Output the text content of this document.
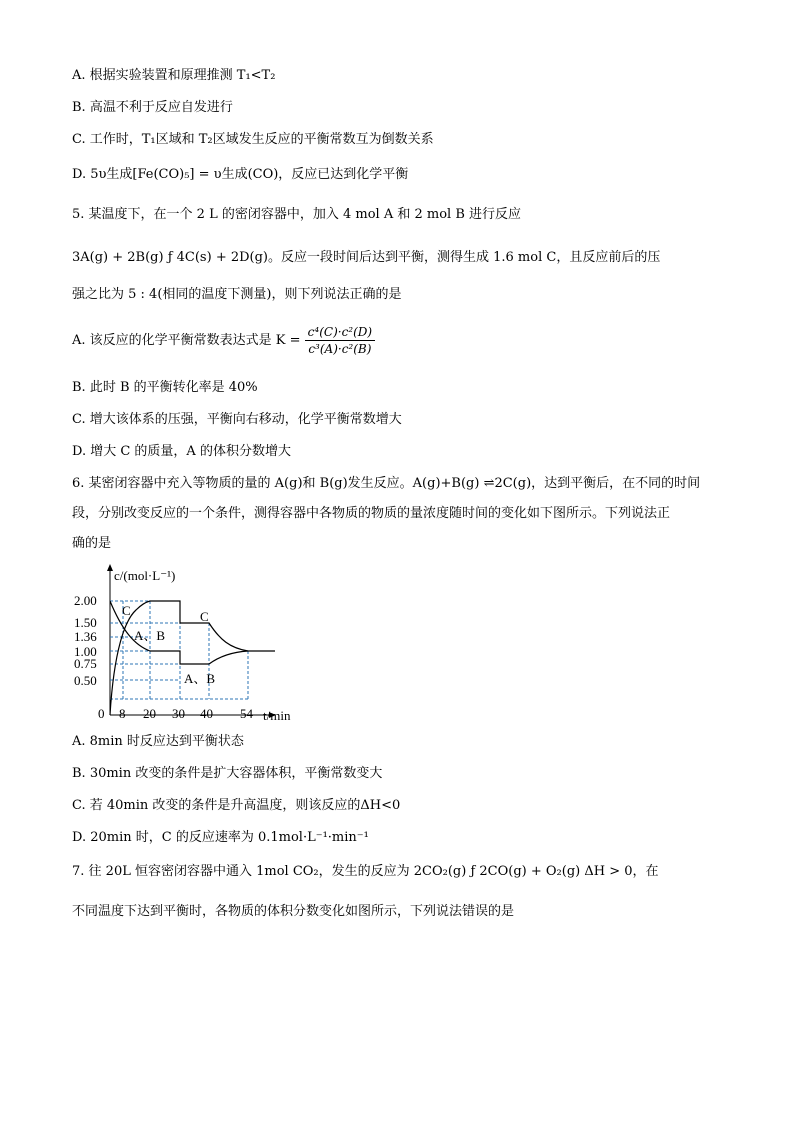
A. 根据实验装置和原理推测 T₁<T₂
B. 高温不利于反应自发进行
C. 工作时，T₁区域和 T₂区域发生反应的平衡常数互为倒数关系
D. 5υ生成[Fe(CO)₅] = υ生成(CO)，反应已达到化学平衡
5. 某温度下，在一个 2 L 的密闭容器中，加入 4 mol A 和 2 mol B 进行反应
3A(g) + 2B(g) ƒ 4C(s) + 2D(g)。反应一段时间后达到平衡，测得生成 1.6 mol C，且反应前后的压
强之比为 5 : 4(相同的温度下测量)，则下列说法正确的是
A. 该反应的化学平衡常数表达式是 $K = \frac{\text{c⁴(C)·c²(D)}}{\text{c³(A)·c²(B)}}$
B. 此时 B 的平衡转化率是 40%
C. 增大该体系的压强，平衡向右移动，化学平衡常数增大
D. 增大 C 的质量，A 的体积分数增大
6. 某密闭容器中充入等物质的量的 A(g)和 B(g)发生反应。A(g)+B(g) ⇌2C(g)，达到平衡后，在不同的时间
段，分别改变反应的一个条件，测得容器中各物质的物质的量浓度随时间的变化如下图所示。下列说法正
确的是
c/(mol·L⁻¹)
t/min
2.00
1.50
1.36
1.00
0.75
0.50
0 8 20 30 40 54
C
A、B
C
A、B
A. 8min 时反应达到平衡状态
B. 30min 改变的条件是扩大容器体积，平衡常数变大
C. 若 40min 改变的条件是升高温度，则该反应的ΔH<0
D. 20min 时，C 的反应速率为 0.1mol·L⁻¹·min⁻¹
7. 往 20L 恒容密闭容器中通入 1mol CO₂，发生的反应为 2CO₂(g) ƒ 2CO(g) + O₂(g) ΔH > 0，在
不同温度下达到平衡时，各物质的体积分数变化如图所示，下列说法错误的是
